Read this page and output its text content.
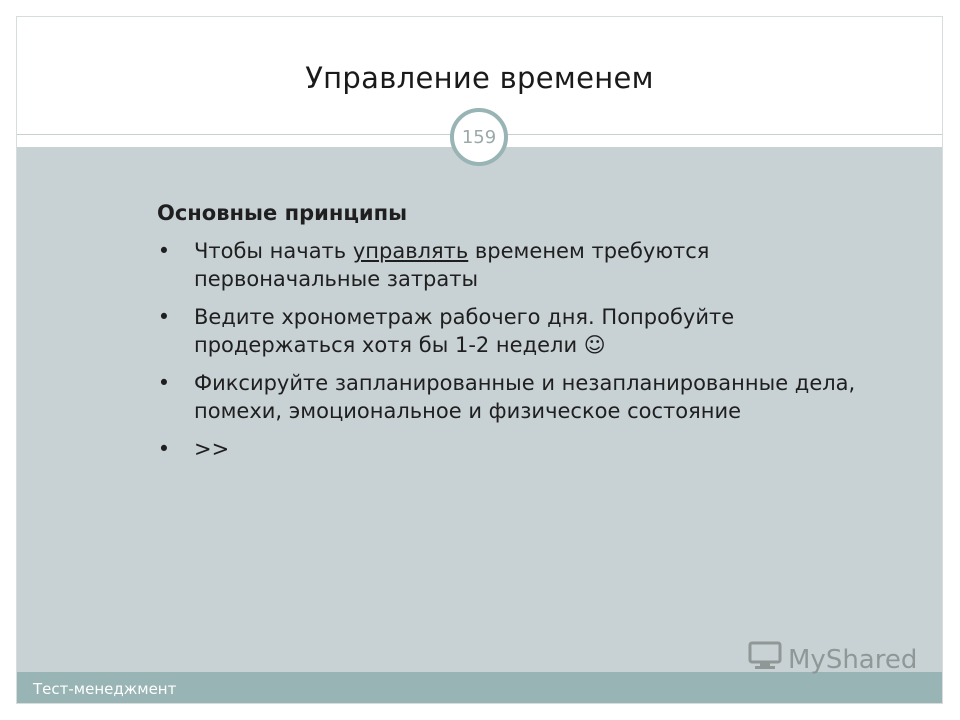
Управление временем
159
Основные принципы
• Чтобы начать управлять временем требуются первоначальные затраты
• Ведите хронометраж рабочего дня. Попробуйте продержаться хотя бы 1-2 недели ☺
• Фиксируйте запланированные и незапланированные дела, помехи, эмоциональное и физическое состояние
• >>
Тест-менеджмент
MyShared
